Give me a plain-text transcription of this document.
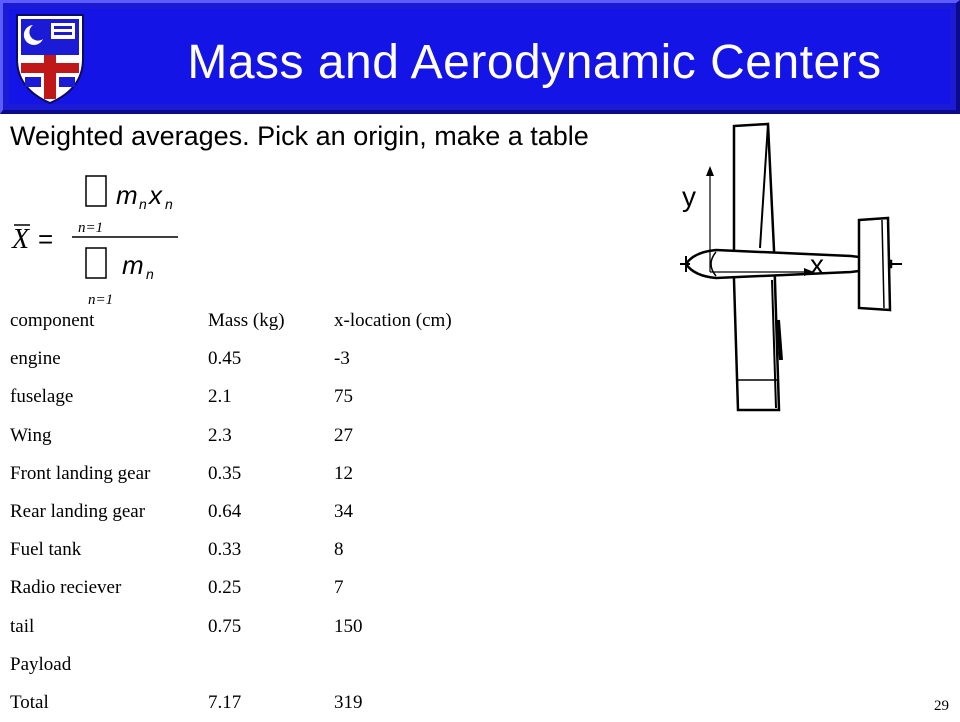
Mass and Aerodynamic Centers
Weighted averages. Pick an origin, make a table
X =
m n x n
n=1
m n
n=1
component	Mass (kg)	x-location (cm)
engine	0.45	-3
fuselage	2.1	75
Wing	2.3	27
Front landing gear	0.35	12
Rear landing gear	0.64	34
Fuel tank	0.33	8
Radio reciever	0.25	7
tail	0.75	150
Payload		
Total	7.17	319
y
x
29
